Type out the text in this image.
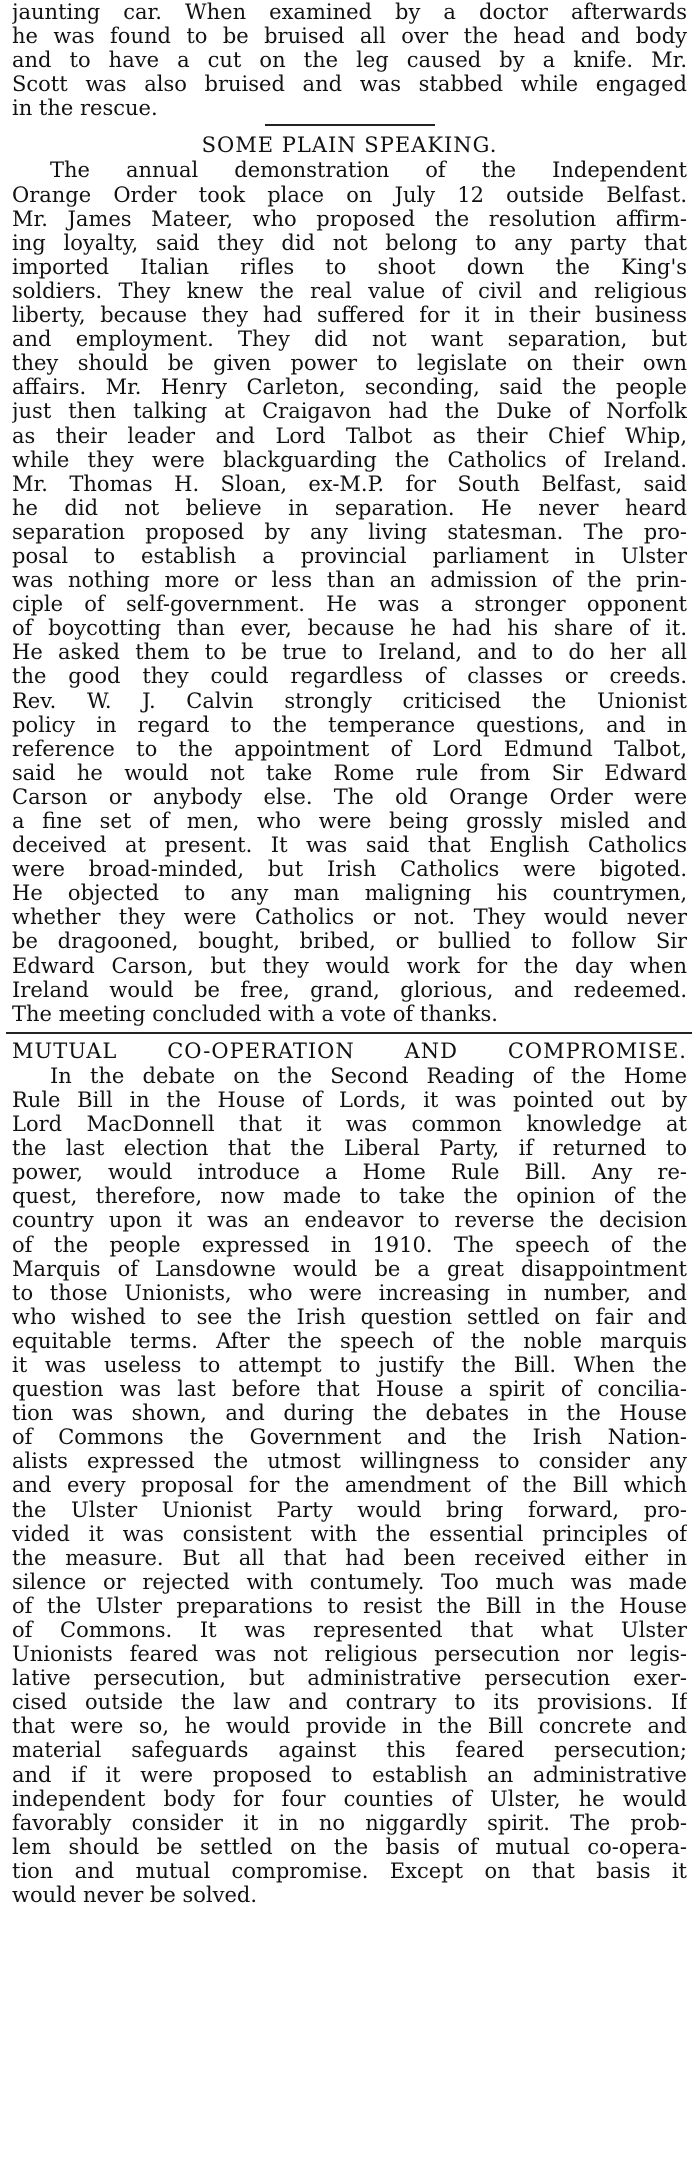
jaunting car. When examined by a doctor afterwards
he was found to be bruised all over the head and body
and to have a cut on the leg caused by a knife. Mr.
Scott was also bruised and was stabbed while engaged
in the rescue.
SOME PLAIN SPEAKING.
The annual demonstration of the Independent
Orange Order took place on July 12 outside Belfast.
Mr. James Mateer, who proposed the resolution affirm-
ing loyalty, said they did not belong to any party that
imported Italian rifles to shoot down the King's
soldiers. They knew the real value of civil and religious
liberty, because they had suffered for it in their business
and employment. They did not want separation, but
they should be given power to legislate on their own
affairs. Mr. Henry Carleton, seconding, said the people
just then talking at Craigavon had the Duke of Norfolk
as their leader and Lord Talbot as their Chief Whip,
while they were blackguarding the Catholics of Ireland.
Mr. Thomas H. Sloan, ex-M.P. for South Belfast, said
he did not believe in separation. He never heard
separation proposed by any living statesman. The pro-
posal to establish a provincial parliament in Ulster
was nothing more or less than an admission of the prin-
ciple of self-government. He was a stronger opponent
of boycotting than ever, because he had his share of it.
He asked them to be true to Ireland, and to do her all
the good they could regardless of classes or creeds.
Rev. W. J. Calvin strongly criticised the Unionist
policy in regard to the temperance questions, and in
reference to the appointment of Lord Edmund Talbot,
said he would not take Rome rule from Sir Edward
Carson or anybody else. The old Orange Order were
a fine set of men, who were being grossly misled and
deceived at present. It was said that English Catholics
were broad-minded, but Irish Catholics were bigoted.
He objected to any man maligning his countrymen,
whether they were Catholics or not. They would never
be dragooned, bought, bribed, or bullied to follow Sir
Edward Carson, but they would work for the day when
Ireland would be free, grand, glorious, and redeemed.
The meeting concluded with a vote of thanks.
MUTUAL CO-OPERATION AND COMPROMISE.
In the debate on the Second Reading of the Home
Rule Bill in the House of Lords, it was pointed out by
Lord MacDonnell that it was common knowledge at
the last election that the Liberal Party, if returned to
power, would introduce a Home Rule Bill. Any re-
quest, therefore, now made to take the opinion of the
country upon it was an endeavor to reverse the decision
of the people expressed in 1910. The speech of the
Marquis of Lansdowne would be a great disappointment
to those Unionists, who were increasing in number, and
who wished to see the Irish question settled on fair and
equitable terms. After the speech of the noble marquis
it was useless to attempt to justify the Bill. When the
question was last before that House a spirit of concilia-
tion was shown, and during the debates in the House
of Commons the Government and the Irish Nation-
alists expressed the utmost willingness to consider any
and every proposal for the amendment of the Bill which
the Ulster Unionist Party would bring forward, pro-
vided it was consistent with the essential principles of
the measure. But all that had been received either in
silence or rejected with contumely. Too much was made
of the Ulster preparations to resist the Bill in the House
of Commons. It was represented that what Ulster
Unionists feared was not religious persecution nor legis-
lative persecution, but administrative persecution exer-
cised outside the law and contrary to its provisions. If
that were so, he would provide in the Bill concrete and
material safeguards against this feared persecution;
and if it were proposed to establish an administrative
independent body for four counties of Ulster, he would
favorably consider it in no niggardly spirit. The prob-
lem should be settled on the basis of mutual co-opera-
tion and mutual compromise. Except on that basis it
would never be solved.
